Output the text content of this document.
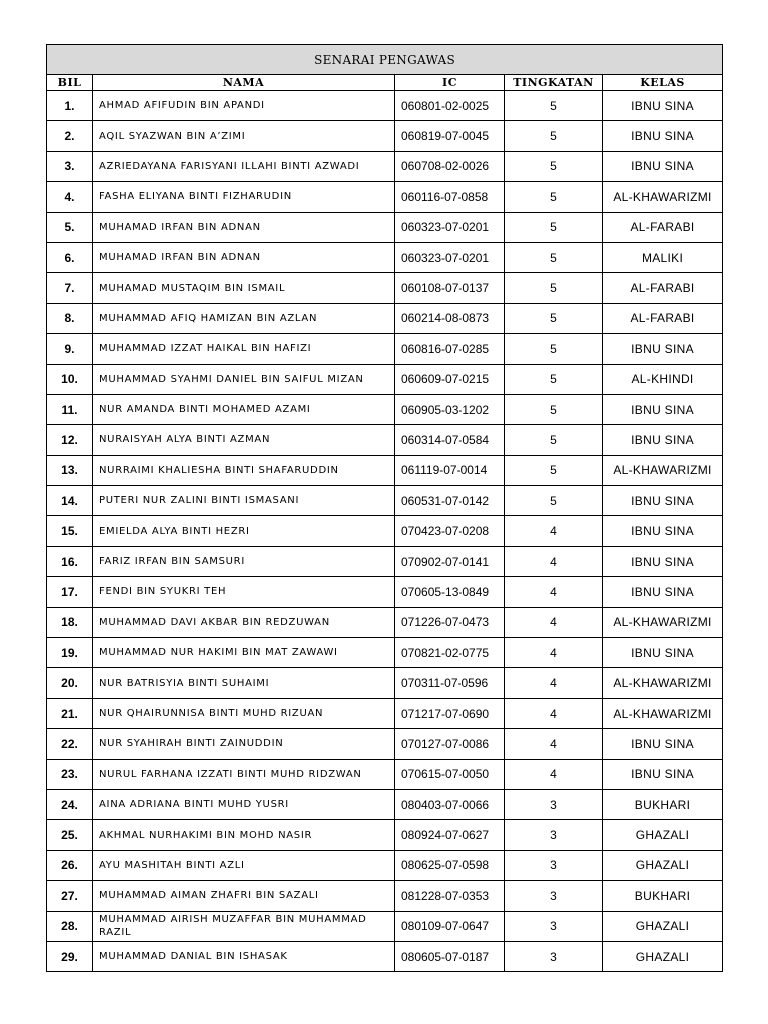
SENARAI PENGAWAS				
BIL	NAMA	IC	TINGKATAN	KELAS
1.	AHMAD AFIFUDIN BIN APANDI	060801-02-0025	5	IBNU SINA
2.	AQIL SYAZWAN BIN A’ZIMI	060819-07-0045	5	IBNU SINA
3.	AZRIEDAYANA FARISYANI ILLAHI BINTI AZWADI	060708-02-0026	5	IBNU SINA
4.	FASHA ELIYANA BINTI FIZHARUDIN	060116-07-0858	5	AL-KHAWARIZMI
5.	MUHAMAD IRFAN BIN ADNAN	060323-07-0201	5	AL-FARABI
6.	MUHAMAD IRFAN BIN ADNAN	060323-07-0201	5	MALIKI
7.	MUHAMAD MUSTAQIM BIN ISMAIL	060108-07-0137	5	AL-FARABI
8.	MUHAMMAD AFIQ HAMIZAN BIN AZLAN	060214-08-0873	5	AL-FARABI
9.	MUHAMMAD IZZAT HAIKAL BIN HAFIZI	060816-07-0285	5	IBNU SINA
10.	MUHAMMAD SYAHMI DANIEL BIN SAIFUL MIZAN	060609-07-0215	5	AL-KHINDI
11.	NUR AMANDA BINTI MOHAMED AZAMI	060905-03-1202	5	IBNU SINA
12.	NURAISYAH ALYA BINTI AZMAN	060314-07-0584	5	IBNU SINA
13.	NURRAIMI KHALIESHA BINTI SHAFARUDDIN	061119-07-0014	5	AL-KHAWARIZMI
14.	PUTERI NUR ZALINI BINTI ISMASANI	060531-07-0142	5	IBNU SINA
15.	EMIELDA ALYA BINTI HEZRI	070423-07-0208	4	IBNU SINA
16.	FARIZ IRFAN BIN SAMSURI	070902-07-0141	4	IBNU SINA
17.	FENDI BIN SYUKRI TEH	070605-13-0849	4	IBNU SINA
18.	MUHAMMAD DAVI AKBAR BIN REDZUWAN	071226-07-0473	4	AL-KHAWARIZMI
19.	MUHAMMAD NUR HAKIMI BIN MAT ZAWAWI	070821-02-0775	4	IBNU SINA
20.	NUR BATRISYIA BINTI SUHAIMI	070311-07-0596	4	AL-KHAWARIZMI
21.	NUR QHAIRUNNISA BINTI MUHD RIZUAN	071217-07-0690	4	AL-KHAWARIZMI
22.	NUR SYAHIRAH BINTI ZAINUDDIN	070127-07-0086	4	IBNU SINA
23.	NURUL FARHANA IZZATI BINTI MUHD RIDZWAN	070615-07-0050	4	IBNU SINA
24.	AINA ADRIANA BINTI MUHD YUSRI	080403-07-0066	3	BUKHARI
25.	AKHMAL NURHAKIMI BIN MOHD NASIR	080924-07-0627	3	GHAZALI
26.	AYU MASHITAH BINTI AZLI	080625-07-0598	3	GHAZALI
27.	MUHAMMAD AIMAN ZHAFRI BIN SAZALI	081228-07-0353	3	BUKHARI
28.	MUHAMMAD AIRISH MUZAFFAR BIN MUHAMMAD RAZIL	080109-07-0647	3	GHAZALI
29.	MUHAMMAD DANIAL BIN ISHASAK	080605-07-0187	3	GHAZALI
